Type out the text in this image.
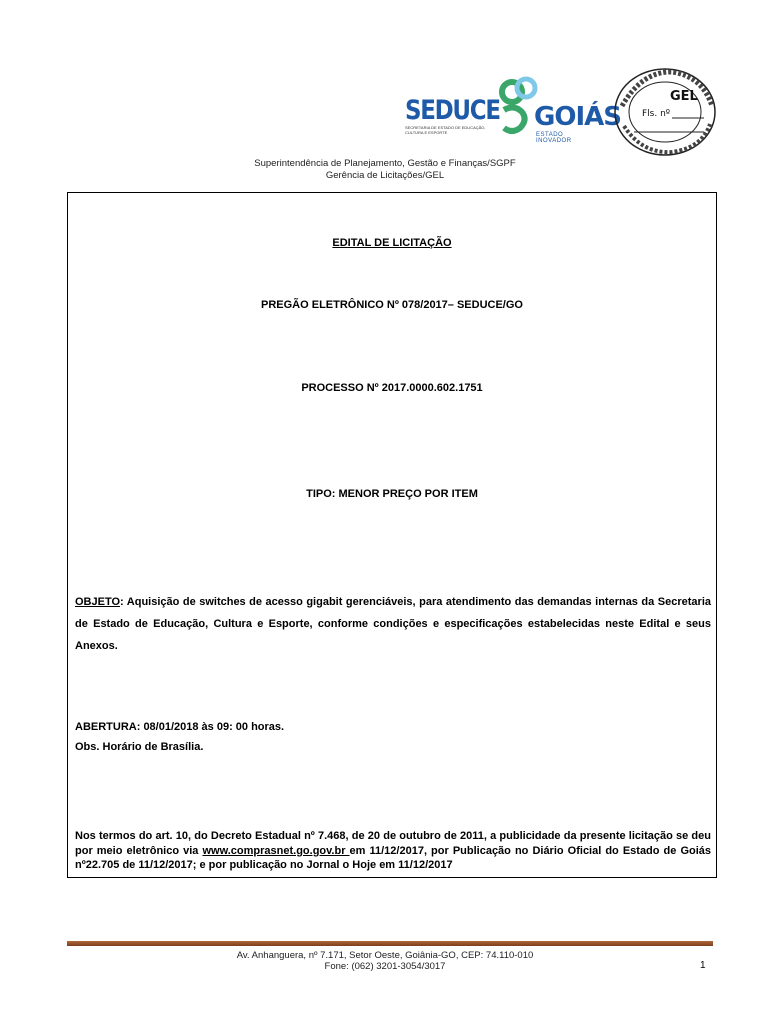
SEDUCE
SECRETARIA DE ESTADO DE EDUCAÇÃO, CULTURA E ESPORTE
GOIÁS
ESTADO INOVADOR
GEL
Fls. nº
Superintendência de Planejamento, Gestão e Finanças/SGPF
Gerência de Licitações/GEL
EDITAL DE LICITAÇÃO
PREGÃO ELETRÔNICO Nº 078/2017– SEDUCE/GO
PROCESSO Nº 2017.0000.602.1751
TIPO: MENOR PREÇO POR ITEM
OBJETO: Aquisição de switches de acesso gigabit gerenciáveis, para atendimento das demandas internas da Secretaria de Estado de Educação, Cultura e Esporte, conforme condições e especificações estabelecidas neste Edital e seus Anexos.
ABERTURA: 08/01/2018 às 09: 00 horas.
Obs. Horário de Brasília.
Nos termos do art. 10, do Decreto Estadual nº 7.468, de 20 de outubro de 2011, a publicidade da presente licitação se deu por meio eletrônico via www.comprasnet.go.gov.br em 11/12/2017, por Publicação no Diário Oficial do Estado de Goiás nº22.705 de 11/12/2017; e por publicação no Jornal o Hoje em 11/12/2017
Av. Anhanguera, nº 7.171, Setor Oeste, Goiânia-GO, CEP: 74.110-010
Fone: (062) 3201-3054/3017	1
